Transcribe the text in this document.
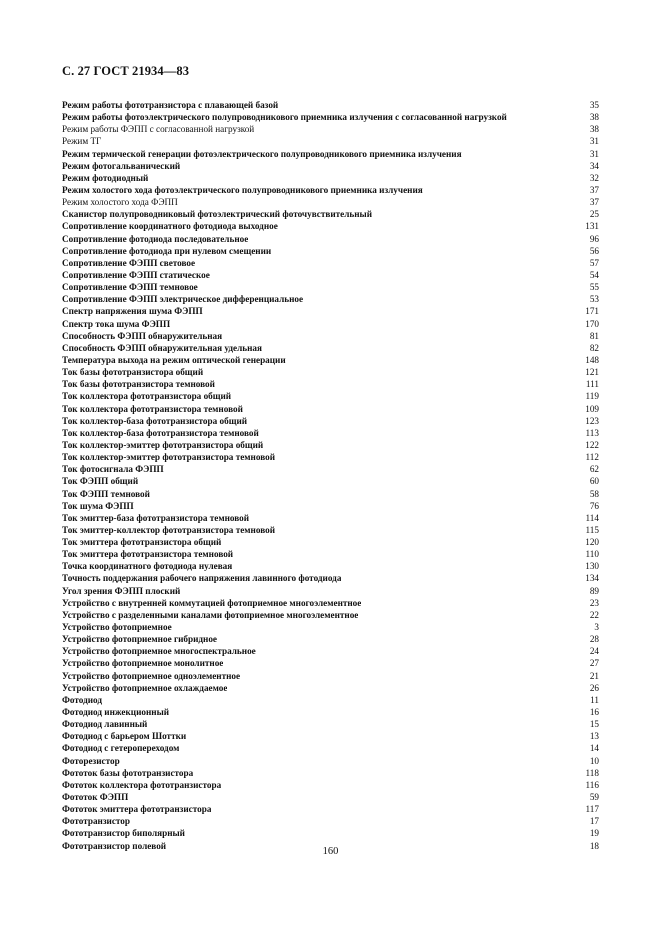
С. 27 ГОСТ 21934—83
Режим работы фототранзистора с плавающей базой	35
Режим работы фотоэлектрического полупроводникового приемника излучения с согласованной нагрузкой	38
Режим работы ФЭПП с согласованной нагрузкой	38
Режим ТГ	31
Режим термической генерации фотоэлектрического полупроводникового приемника излучения	31
Режим фотогальванический	34
Режим фотодиодный	32
Режим холостого хода фотоэлектрического полупроводникового приемника излучения	37
Режим холостого хода ФЭПП	37
Сканистор полупроводниковый фотоэлектрический фоточувствительный	25
Сопротивление координатного фотодиода выходное	131
Сопротивление фотодиода последовательное	96
Сопротивление фотодиода при нулевом смещении	56
Сопротивление ФЭПП световое	57
Сопротивление ФЭПП статическое	54
Сопротивление ФЭПП темновое	55
Сопротивление ФЭПП электрическое дифференциальное	53
Спектр напряжения шума ФЭПП	171
Спектр тока шума ФЭПП	170
Способность ФЭПП обнаружительная	81
Способность ФЭПП обнаружительная удельная	82
Температура выхода на режим оптической генерации	148
Ток базы фототранзистора общий	121
Ток базы фототранзистора темновой	111
Ток коллектора фототранзистора общий	119
Ток коллектора фототранзистора темновой	109
Ток коллектор-база фототранзистора общий	123
Ток коллектор-база фототранзистора темновой	113
Ток коллектор-эмиттер фототранзистора общий	122
Ток коллектор-эмиттер фототранзистора темновой	112
Ток фотосигнала ФЭПП	62
Ток ФЭПП общий	60
Ток ФЭПП темновой	58
Ток шума ФЭПП	76
Ток эмиттер-база фототранзистора темновой	114
Ток эмиттер-коллектор фототранзистора темновой	115
Ток эмиттера фототранзистора общий	120
Ток эмиттера фототранзистора темновой	110
Точка координатного фотодиода нулевая	130
Точность поддержания рабочего напряжения лавинного фотодиода	134
Угол зрения ФЭПП плоский	89
Устройство с внутренней коммутацией фотоприемное многоэлементное	23
Устройство с разделенными каналами фотоприемное многоэлементное	22
Устройство фотоприемное	3
Устройство фотоприемное гибридное	28
Устройство фотоприемное многоспектральное	24
Устройство фотоприемное монолитное	27
Устройство фотоприемное одноэлементное	21
Устройство фотоприемное охлаждаемое	26
Фотодиод	11
Фотодиод инжекционный	16
Фотодиод лавинный	15
Фотодиод с барьером Шоттки	13
Фотодиод с гетеропереходом	14
Фоторезистор	10
Фототок базы фототранзистора	118
Фототок коллектора фототранзистора	116
Фототок ФЭПП	59
Фототок эмиттера фототранзистора	117
Фототранзистор	17
Фототранзистор биполярный	19
Фототранзистор полевой	18
160
